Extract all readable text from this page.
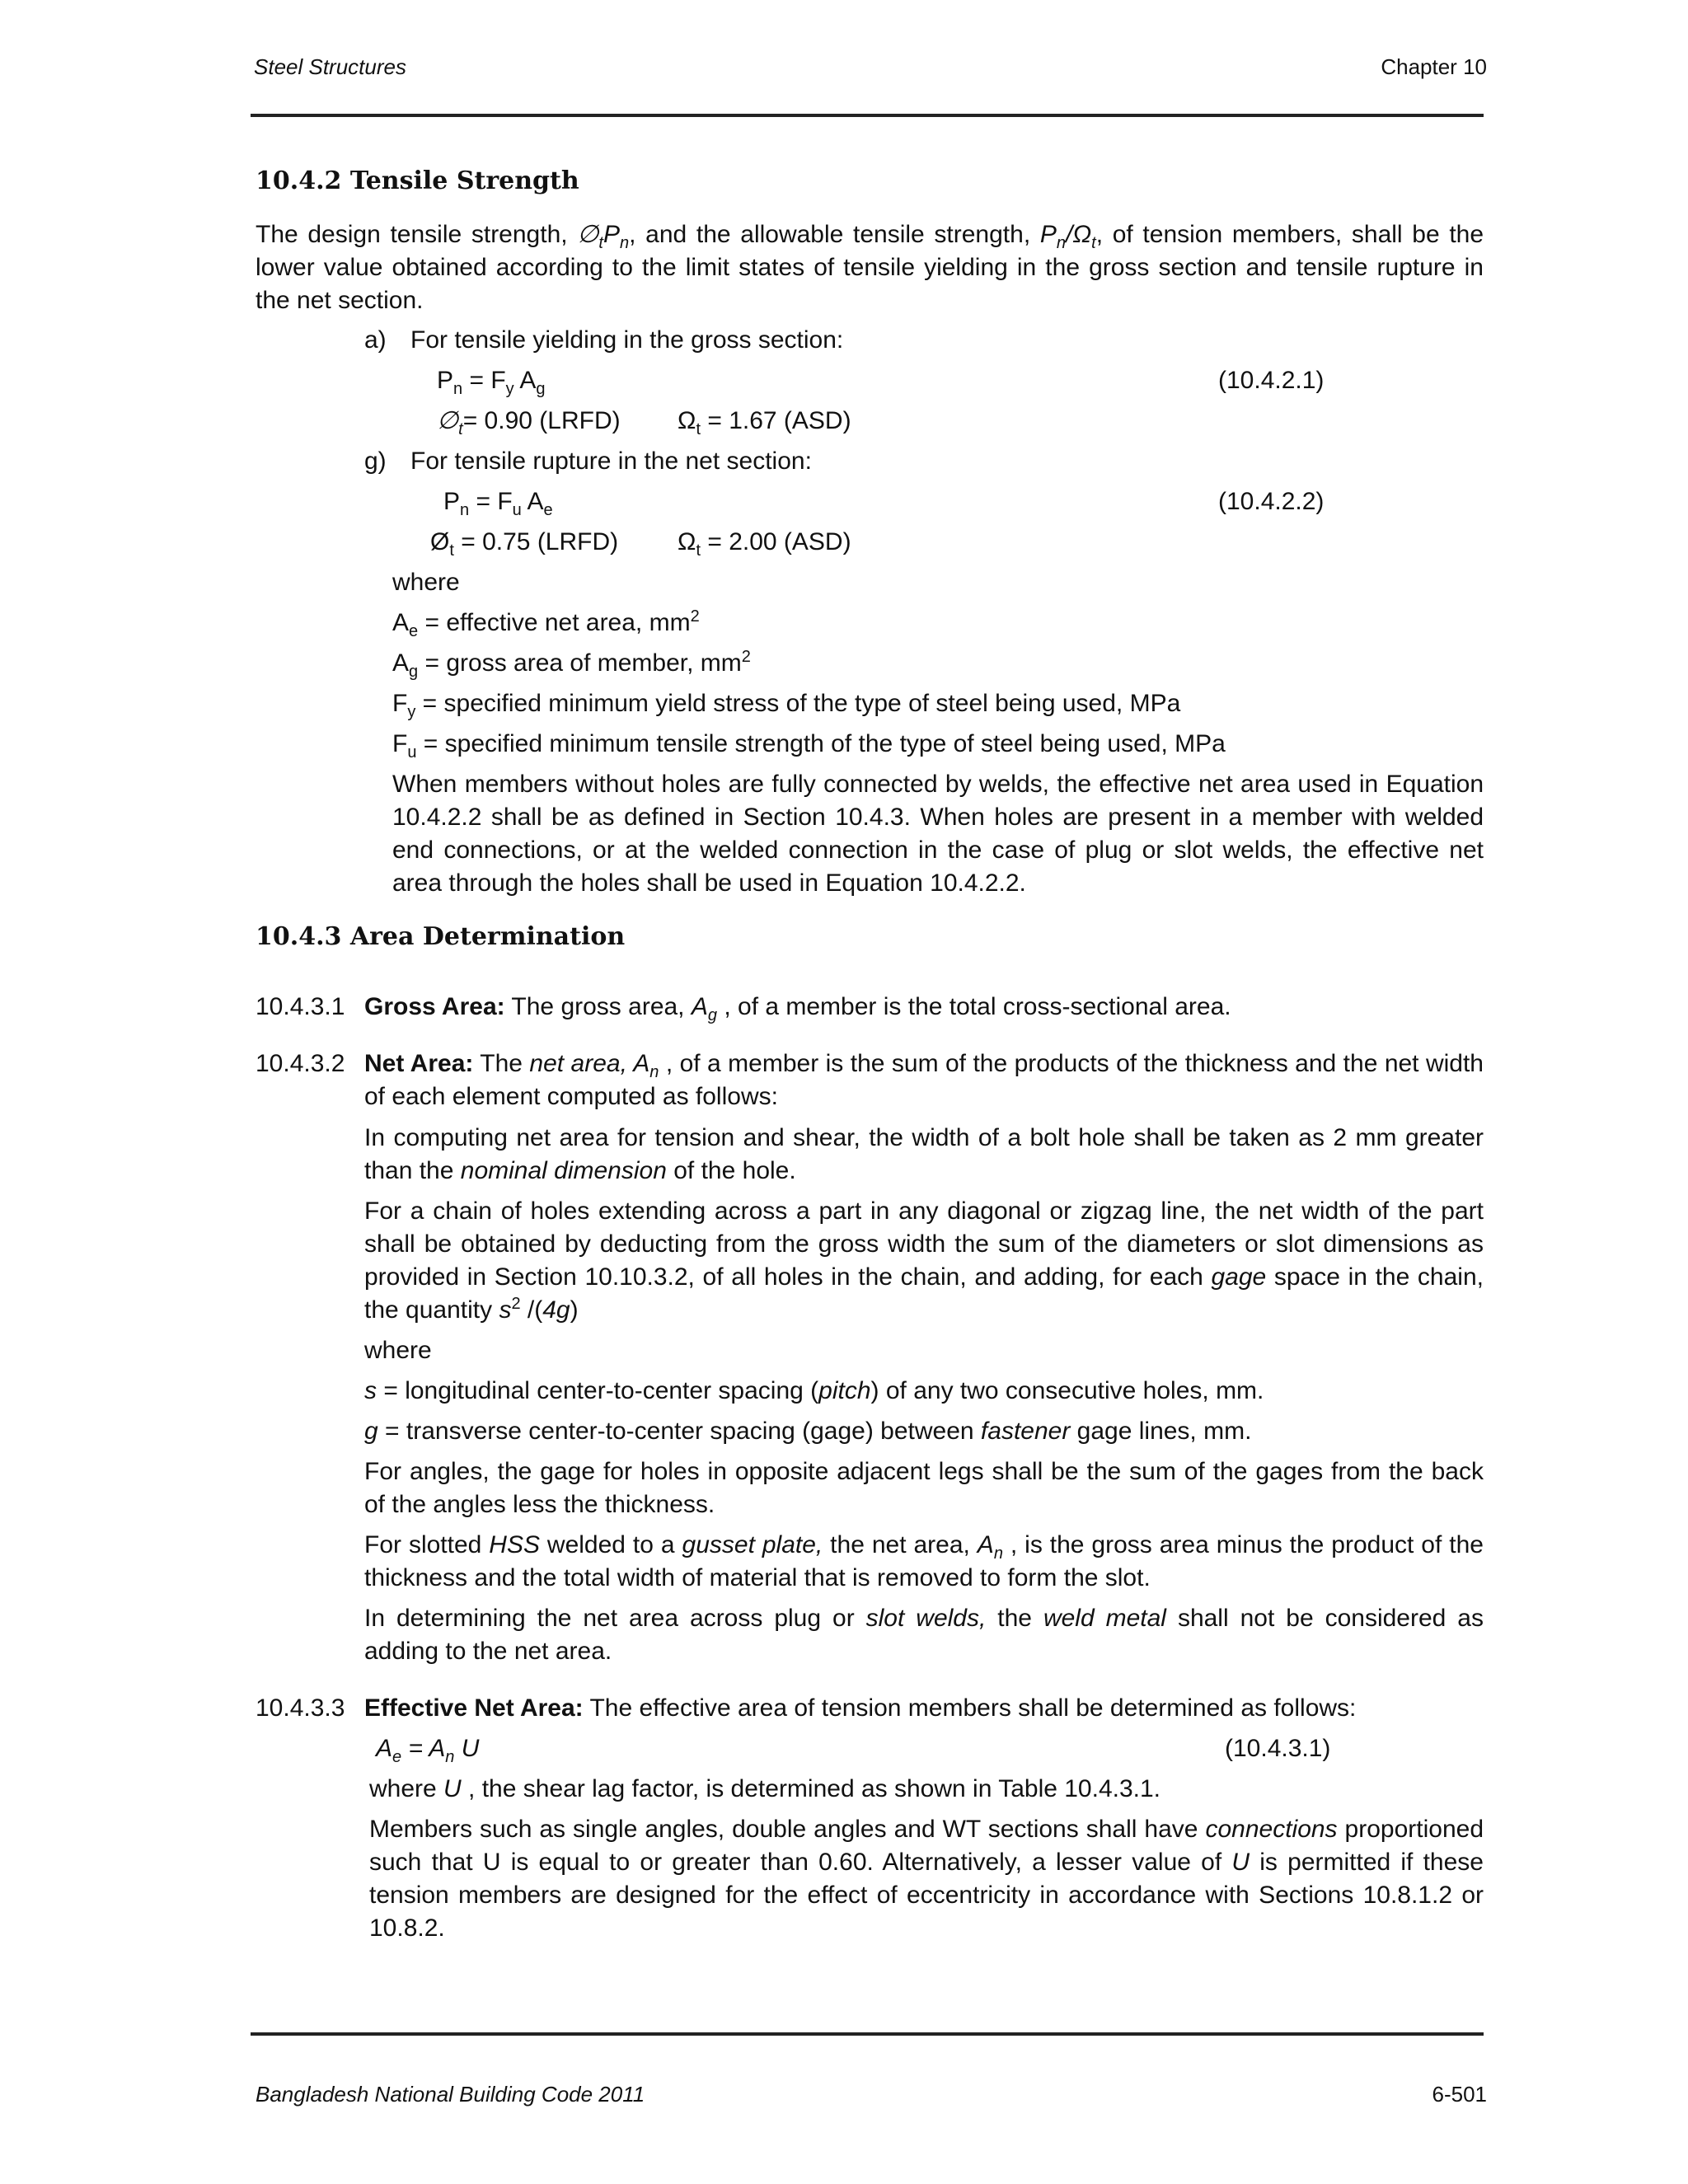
Steel Structures	Chapter 10
10.4.2 Tensile Strength

The design tensile strength, $\emptyset_tP_n$, and the allowable tensile strength, $P_n/\Omega_t$, of tension members, shall be the lower value obtained according to the limit states of tensile yielding in the gross section and tensile rupture in the net section.

a) For tensile yielding in the gross section:
$P_n = F_y$ $A_g$	(10.4.2.1)
$\emptyset_t= 0.90$ (LRFD) $\Omega_t = 1.67$ (ASD)
g) For tensile rupture in the net section:
$P_n = F_u$ $A_e$	(10.4.2.2)
$Ø_t = 0.75$ (LRFD) $\Omega_t = 2.00$ (ASD)
where
$A_e$ = effective net area, $mm^2$
$A_g$ = gross area of member, $mm^2$
$F_y$ = specified minimum yield stress of the type of steel being used, MPa
$F_u$ = specified minimum tensile strength of the type of steel being used, MPa

When members without holes are fully connected by welds, the effective net area used in Equation 10.4.2.2 shall be as defined in Section 10.4.3. When holes are present in a member with welded end connections, or at the welded connection in the case of plug or slot welds, the effective net area through the holes shall be used in Equation 10.4.2.2.

10.4.3 Area Determination
10.4.3.1 Gross Area: The gross area, $A_g$ , of a member is the total cross-sectional area.
10.4.3.2 Net Area: The net area, $A_n$ , of a member is the sum of the products of the thickness and the net width of each element computed as follows:

In computing net area for tension and shear, the width of a bolt hole shall be taken as 2 mm greater than the nominal dimension of the hole.

For a chain of holes extending across a part in any diagonal or zigzag line, the net width of the part shall be obtained by deducting from the gross width the sum of the diameters or slot dimensions as provided in Section 10.10.3.2, of all holes in the chain, and adding, for each gage space in the chain, the quantity $s^2$ /(4g)

where
s = longitudinal center-to-center spacing (pitch) of any two consecutive holes, mm.
g = transverse center-to-center spacing (gage) between fastener gage lines, mm.

For angles, the gage for holes in opposite adjacent legs shall be the sum of the gages from the back of the angles less the thickness.

For slotted HSS welded to a gusset plate, the net area, $A_n$ , is the gross area minus the product of the thickness and the total width of material that is removed to form the slot.

In determining the net area across plug or slot welds, the weld metal shall not be considered as adding to the net area.

10.4.3.3 Effective Net Area: The effective area of tension members shall be determined as follows:
$A_e = A_n$ U	(10.4.3.1)
where U , the shear lag factor, is determined as shown in Table 10.4.3.1.

Members such as single angles, double angles and WT sections shall have connections proportioned such that U is equal to or greater than 0.60. Alternatively, a lesser value of U is permitted if these tension members are designed for the effect of eccentricity in accordance with Sections 10.8.1.2 or 10.8.2.

Bangladesh National Building Code 2011	6-501
